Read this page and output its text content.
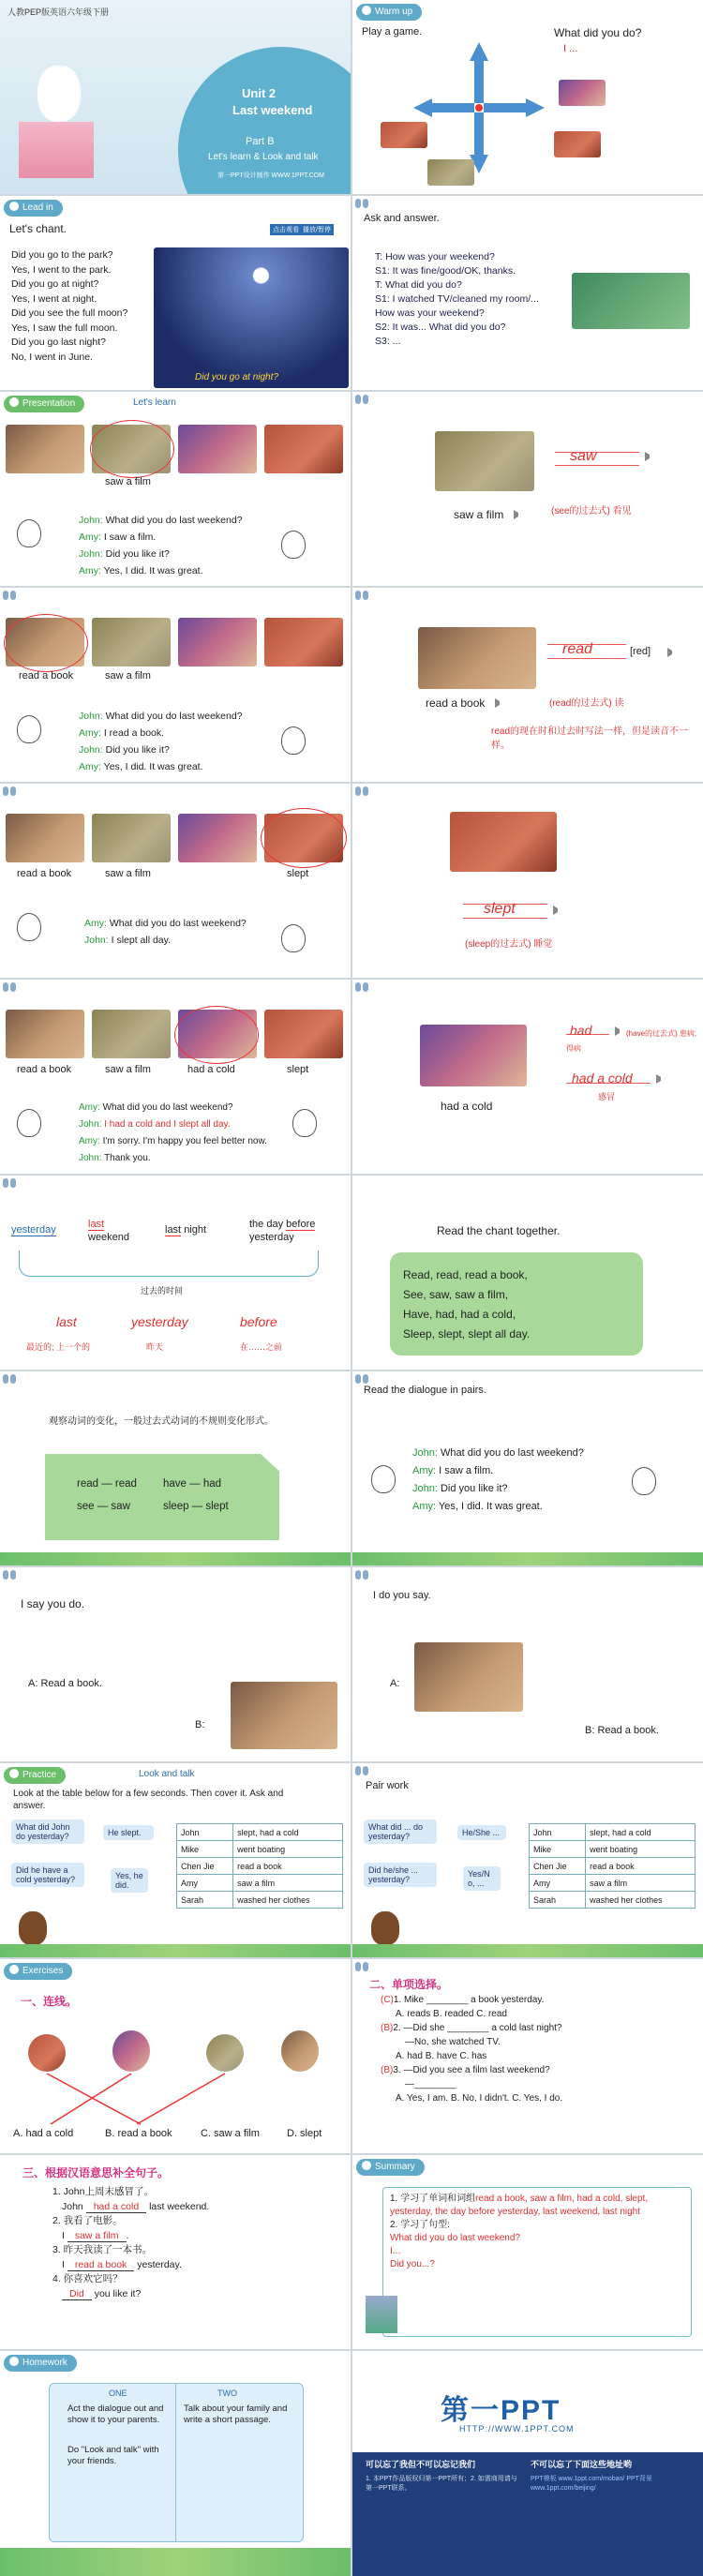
人教PEP版英语六年级下册
Unit 2
Last weekend
Part B
Let's learn & Look and talk
第一PPT设计制作 WWW.1PPT.COM
Warm up
Play a game.	What did you do?
I ...
Lead in
Let's chant.
Did you go to the park?
Yes, I went to the park.
Did you go at night?
Yes, I went at night.
Did you see the full moon?
Yes, I saw the full moon.
Did you go last night?
No, I went in June.
Did you go at night?
点击观看 播放/暂停
Ask and answer.
T: How was your weekend?
S1: It was fine/good/OK, thanks.
T: What did you do?
S1: I watched TV/cleaned my room/...
How was your weekend?
S2: It was... What did you do?
S3: ...
Presentation	Let's learn
saw a film
John: What did you do last weekend?
Amy: I saw a film.
John: Did you like it?
Amy: Yes, I did. It was great.
saw a film
saw
(see的过去式) 看见
read a book	saw a film
John: What did you do last weekend?
Amy: I read a book.
John: Did you like it?
Amy: Yes, I did. It was great.
read a book
read	[red]
(read的过去式) 读
read的现在时和过去时写法一样，但是读音不一样。
read a book	saw a film	slept
Amy: What did you do last weekend?
John: I slept all day.
slept
(sleep的过去式) 睡觉
read a book	saw a film	had a cold	slept
Amy: What did you do last weekend?
John: I had a cold and I slept all day.
Amy: I'm sorry. I'm happy you feel better now.
John: Thank you.
had a cold
had	(have的过去式) 患病;
得病
had a cold
感冒
yesterday	last
weekend
last night	the day before
yesterday
过去的时间
last	yesterday	before
最近的; 上一个的	昨天	在……之前
Read the chant together.
Read, read, read a book,
See, saw, saw a film,
Have, had, had a cold,
Sleep, slept, slept all day.
观察动词的变化，一般过去式动词的不规则变化形式。
read — read
see — saw
have — had
sleep — slept
Read the dialogue in pairs.
John: What did you do last weekend?
Amy: I saw a film.
John: Did you like it?
Amy: Yes, I did. It was great.
I say you do.
A: Read a book.
B:
I do you say.
A:
B: Read a book.
Practice	Look and talk
Look at the table below for a few seconds. Then cover it. Ask and answer.
What did John do yesterday?	He slept.
Did he have a cold yesterday?	Yes, he did.
John	slept, had a cold
Mike	went boating
Chen Jie	read a book
Amy	saw a film
Sarah	washed her clothes
Pair work
What did ... do yesterday?	He/She ...
Did he/she ... yesterday?
Yes/N o, ...
John	slept, had a cold
Mike	went boating
Chen Jie	read a book
Amy	saw a film
Sarah	washed her clothes
Exercises
一、连线。
A. had a cold	B. read a book	C. saw a film	D. slept
二、单项选择。
(C)1. Mike ________ a book yesterday.
A. reads B. readed C. read
(B)2. —Did she ________ a cold last night?
—No, she watched TV.
A. had B. have C. has
(B)3. —Did you see a film last weekend?
—________
A. Yes, I am. B. No, I didn't. C. Yes, I do.
三、根据汉语意思补全句子。
1. John上周末感冒了。
John had a cold last weekend.
2. 我看了电影。
I saw a film .
3. 昨天我读了一本书。
I read a book yesterday.
4. 你喜欢它吗？
Did you like it?
Summary
1. 学习了单词和词组read a book, saw a film, had a cold, slept, yesterday, the day before yesterday, last weekend, last night
2. 学习了句型:
What did you do last weekend?
I...
Did you...?
Homework
ONE	TWO
Act the dialogue out and show it to your parents.
Do "Look and talk" with your friends.
Talk about your family and write a short passage.	第一PPT
HTTP://WWW.1PPT.COM
可以忘了我但不可以忘记我们	不可以忘了下面这些地址哟
1. 本PPT作品版权归第一PPT所有；2. 如需商用请与第一PPT联系。
PPT模板 www.1ppt.com/moban/ PPT背景 www.1ppt.com/beijing/
